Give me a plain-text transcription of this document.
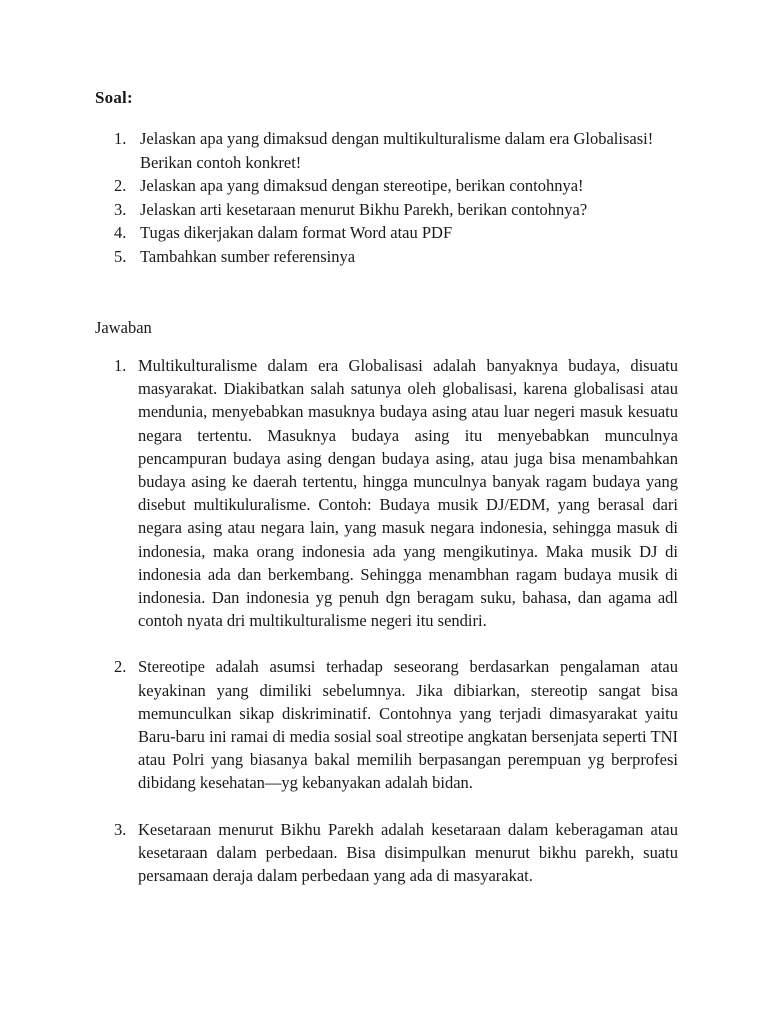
Soal:
1. Jelaskan apa yang dimaksud dengan multikulturalisme dalam era Globalisasi! Berikan contoh konkret!
2. Jelaskan apa yang dimaksud dengan stereotipe, berikan contohnya!
3. Jelaskan arti kesetaraan menurut Bikhu Parekh, berikan contohnya?
4. Tugas dikerjakan dalam format Word atau PDF
5. Tambahkan sumber referensinya
Jawaban
1. Multikulturalisme dalam era Globalisasi adalah banyaknya budaya, disuatu masyarakat. Diakibatkan salah satunya oleh globalisasi, karena globalisasi atau mendunia, menyebabkan masuknya budaya asing atau luar negeri masuk kesuatu negara tertentu. Masuknya budaya asing itu menyebabkan munculnya pencampuran budaya asing dengan budaya asing, atau juga bisa menambahkan budaya asing ke daerah tertentu, hingga munculnya banyak ragam budaya yang disebut multikuluralisme. Contoh: Budaya musik DJ/EDM, yang berasal dari negara asing atau negara lain, yang masuk negara indonesia, sehingga masuk di indonesia, maka orang indonesia ada yang mengikutinya. Maka musik DJ di indonesia ada dan berkembang. Sehingga menambhan ragam budaya musik di indonesia. Dan indonesia yg penuh dgn beragam suku, bahasa, dan agama adl contoh nyata dri multikulturalisme negeri itu sendiri.
2. Stereotipe adalah asumsi terhadap seseorang berdasarkan pengalaman atau keyakinan yang dimiliki sebelumnya. Jika dibiarkan, stereotip sangat bisa memunculkan sikap diskriminatif. Contohnya yang terjadi dimasyarakat yaitu Baru-baru ini ramai di media sosial soal streotipe angkatan bersenjata seperti TNI atau Polri yang biasanya bakal memilih berpasangan perempuan yg berprofesi dibidang kesehatan—yg kebanyakan adalah bidan.
3. Kesetaraan menurut Bikhu Parekh adalah kesetaraan dalam keberagaman atau kesetaraan dalam perbedaan. Bisa disimpulkan menurut bikhu parekh, suatu persamaan deraja dalam perbedaan yang ada di masyarakat.
